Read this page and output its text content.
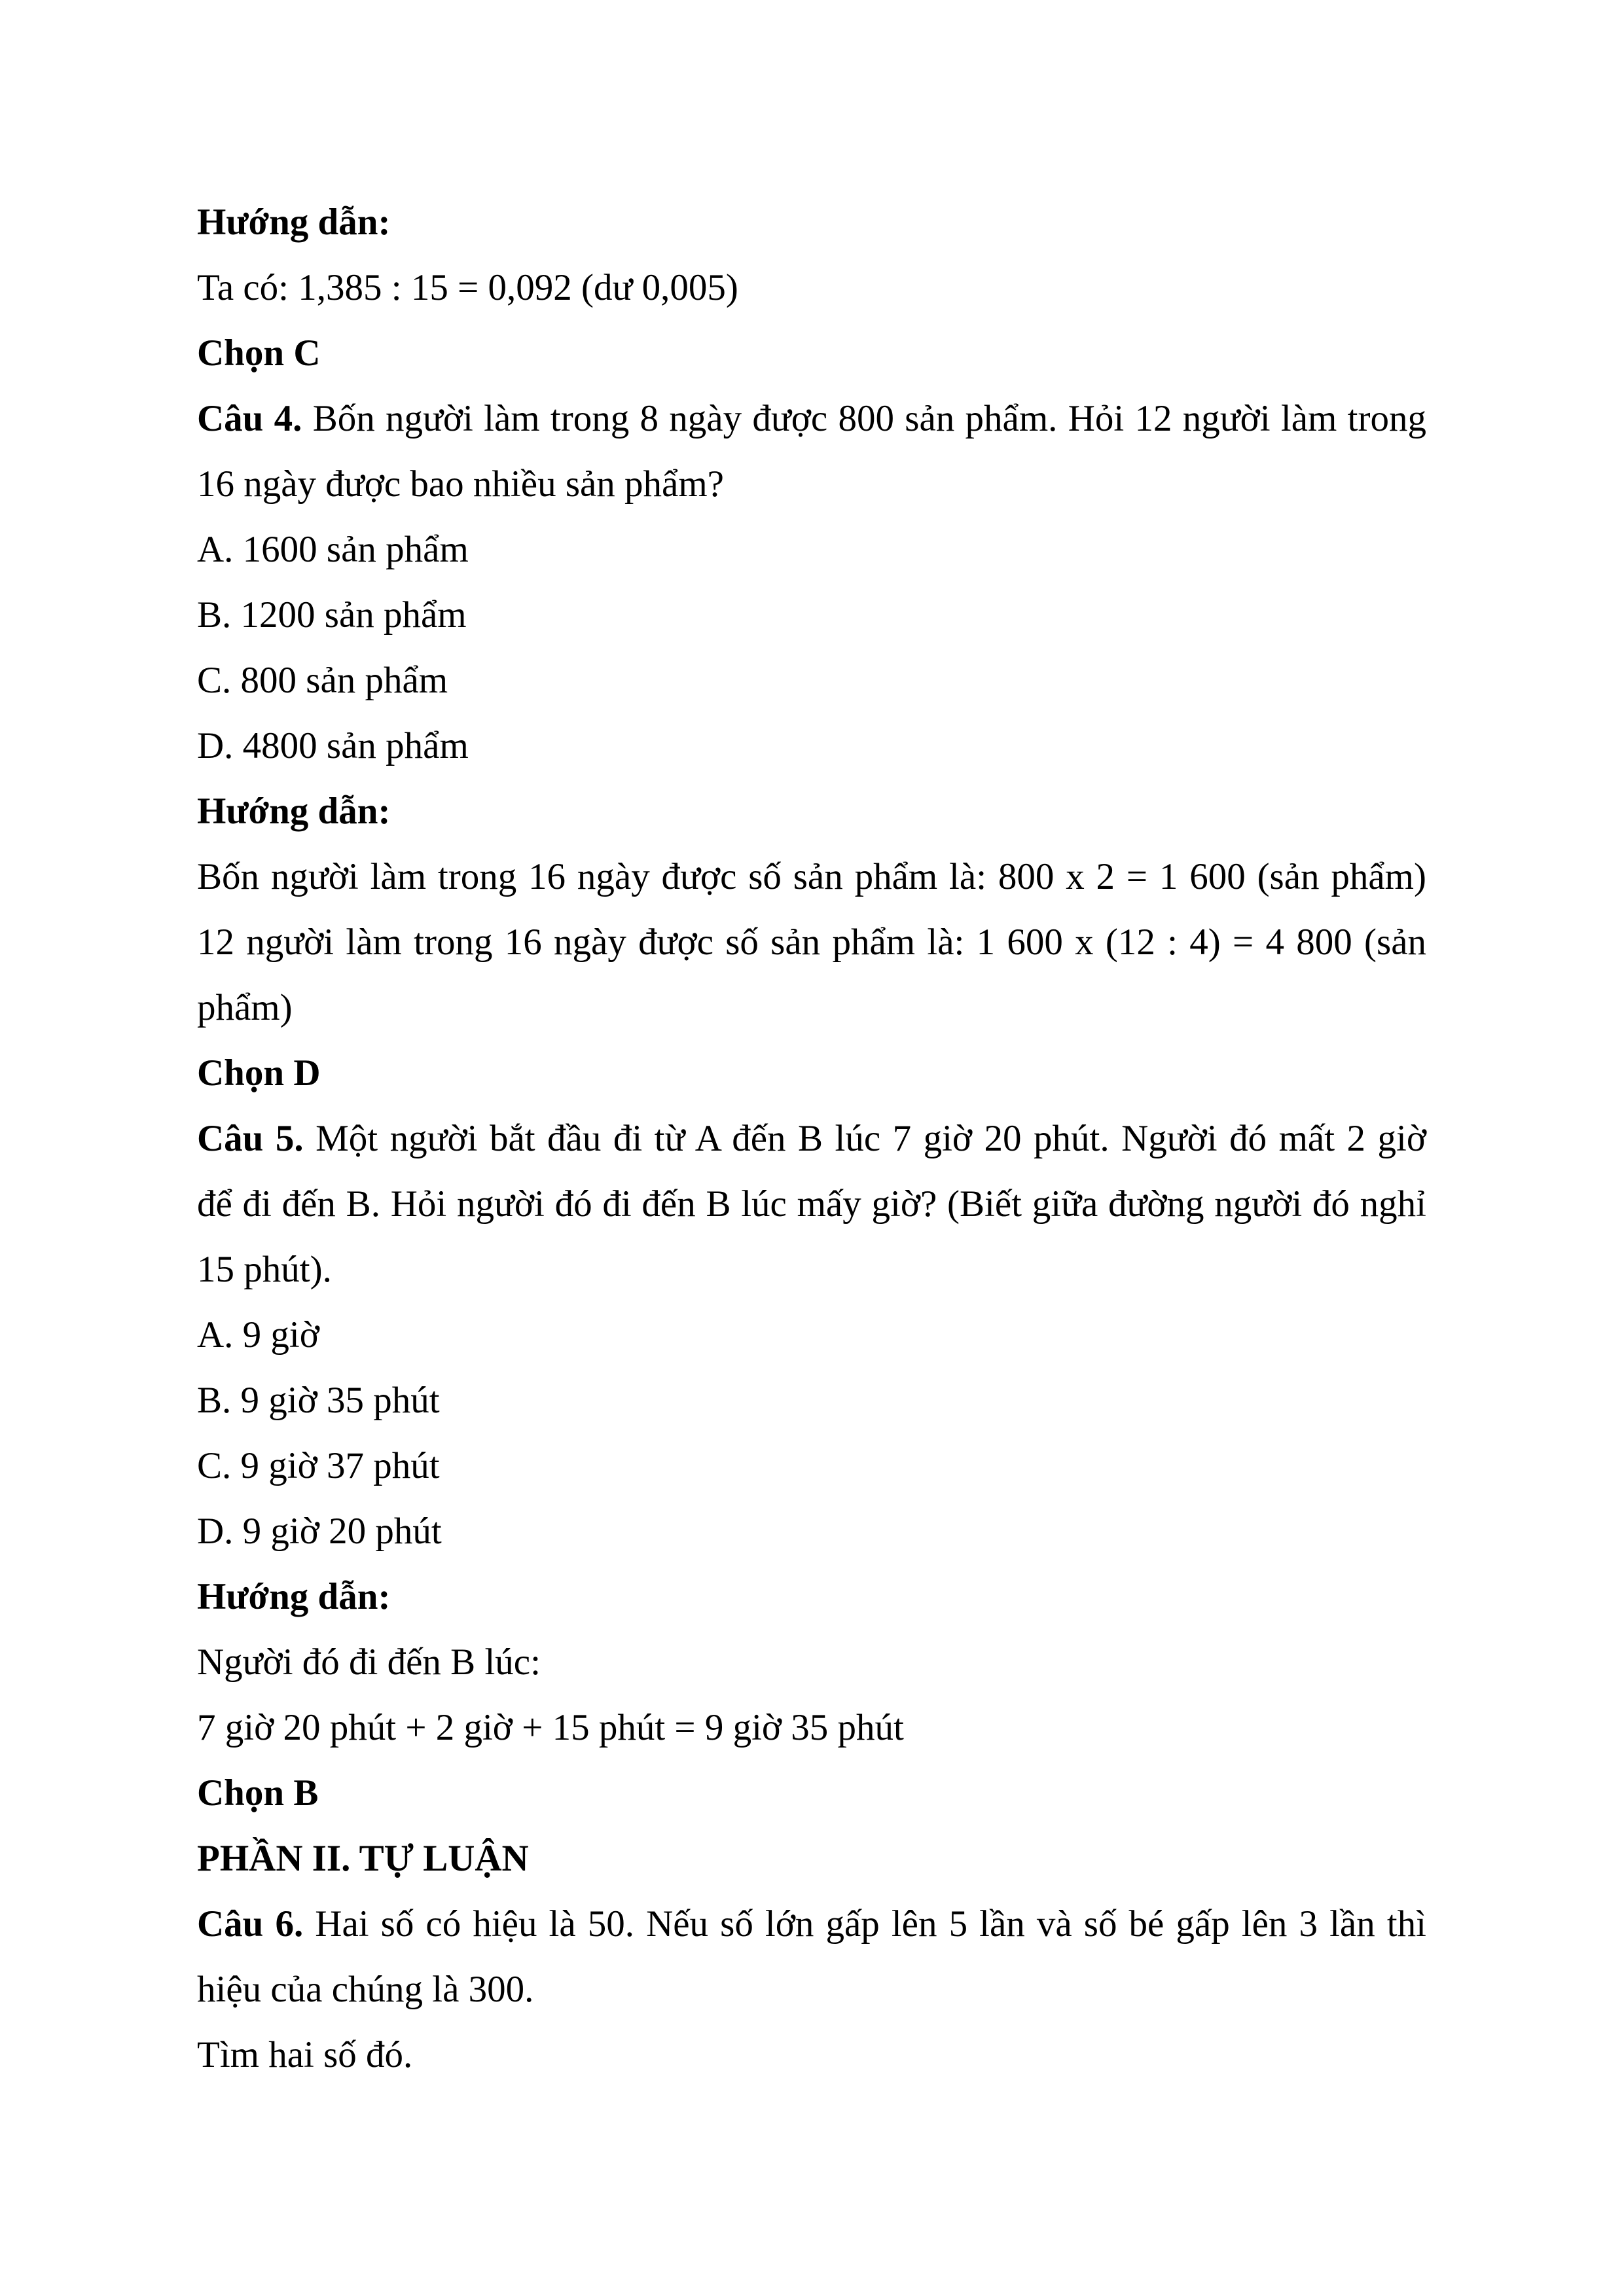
Hướng dẫn:

Ta có: 1,385 : 15 = 0,092 (dư 0,005)

Chọn C

Câu 4. Bốn người làm trong 8 ngày được 800 sản phẩm. Hỏi 12 người làm trong

16 ngày được bao nhiều sản phẩm?

A. 1600 sản phẩm

B. 1200 sản phẩm

C. 800 sản phẩm

D. 4800 sản phẩm

Hướng dẫn:

Bốn người làm trong 16 ngày được số sản phẩm là: 800 x 2 = 1 600 (sản phẩm)

12 người làm trong 16 ngày được số sản phẩm là: 1 600 x (12 : 4) = 4 800 (sản

phẩm)

Chọn D

Câu 5. Một người bắt đầu đi từ A đến B lúc 7 giờ 20 phút. Người đó mất 2 giờ

để đi đến B. Hỏi người đó đi đến B lúc mấy giờ? (Biết giữa đường người đó nghỉ

15 phút).

A. 9 giờ

B. 9 giờ 35 phút

C. 9 giờ 37 phút

D. 9 giờ 20 phút

Hướng dẫn:

Người đó đi đến B lúc:

7 giờ 20 phút + 2 giờ + 15 phút = 9 giờ 35 phút

Chọn B

PHẦN II. TỰ LUẬN

Câu 6. Hai số có hiệu là 50. Nếu số lớn gấp lên 5 lần và số bé gấp lên 3 lần thì

hiệu của chúng là 300.

Tìm hai số đó.
